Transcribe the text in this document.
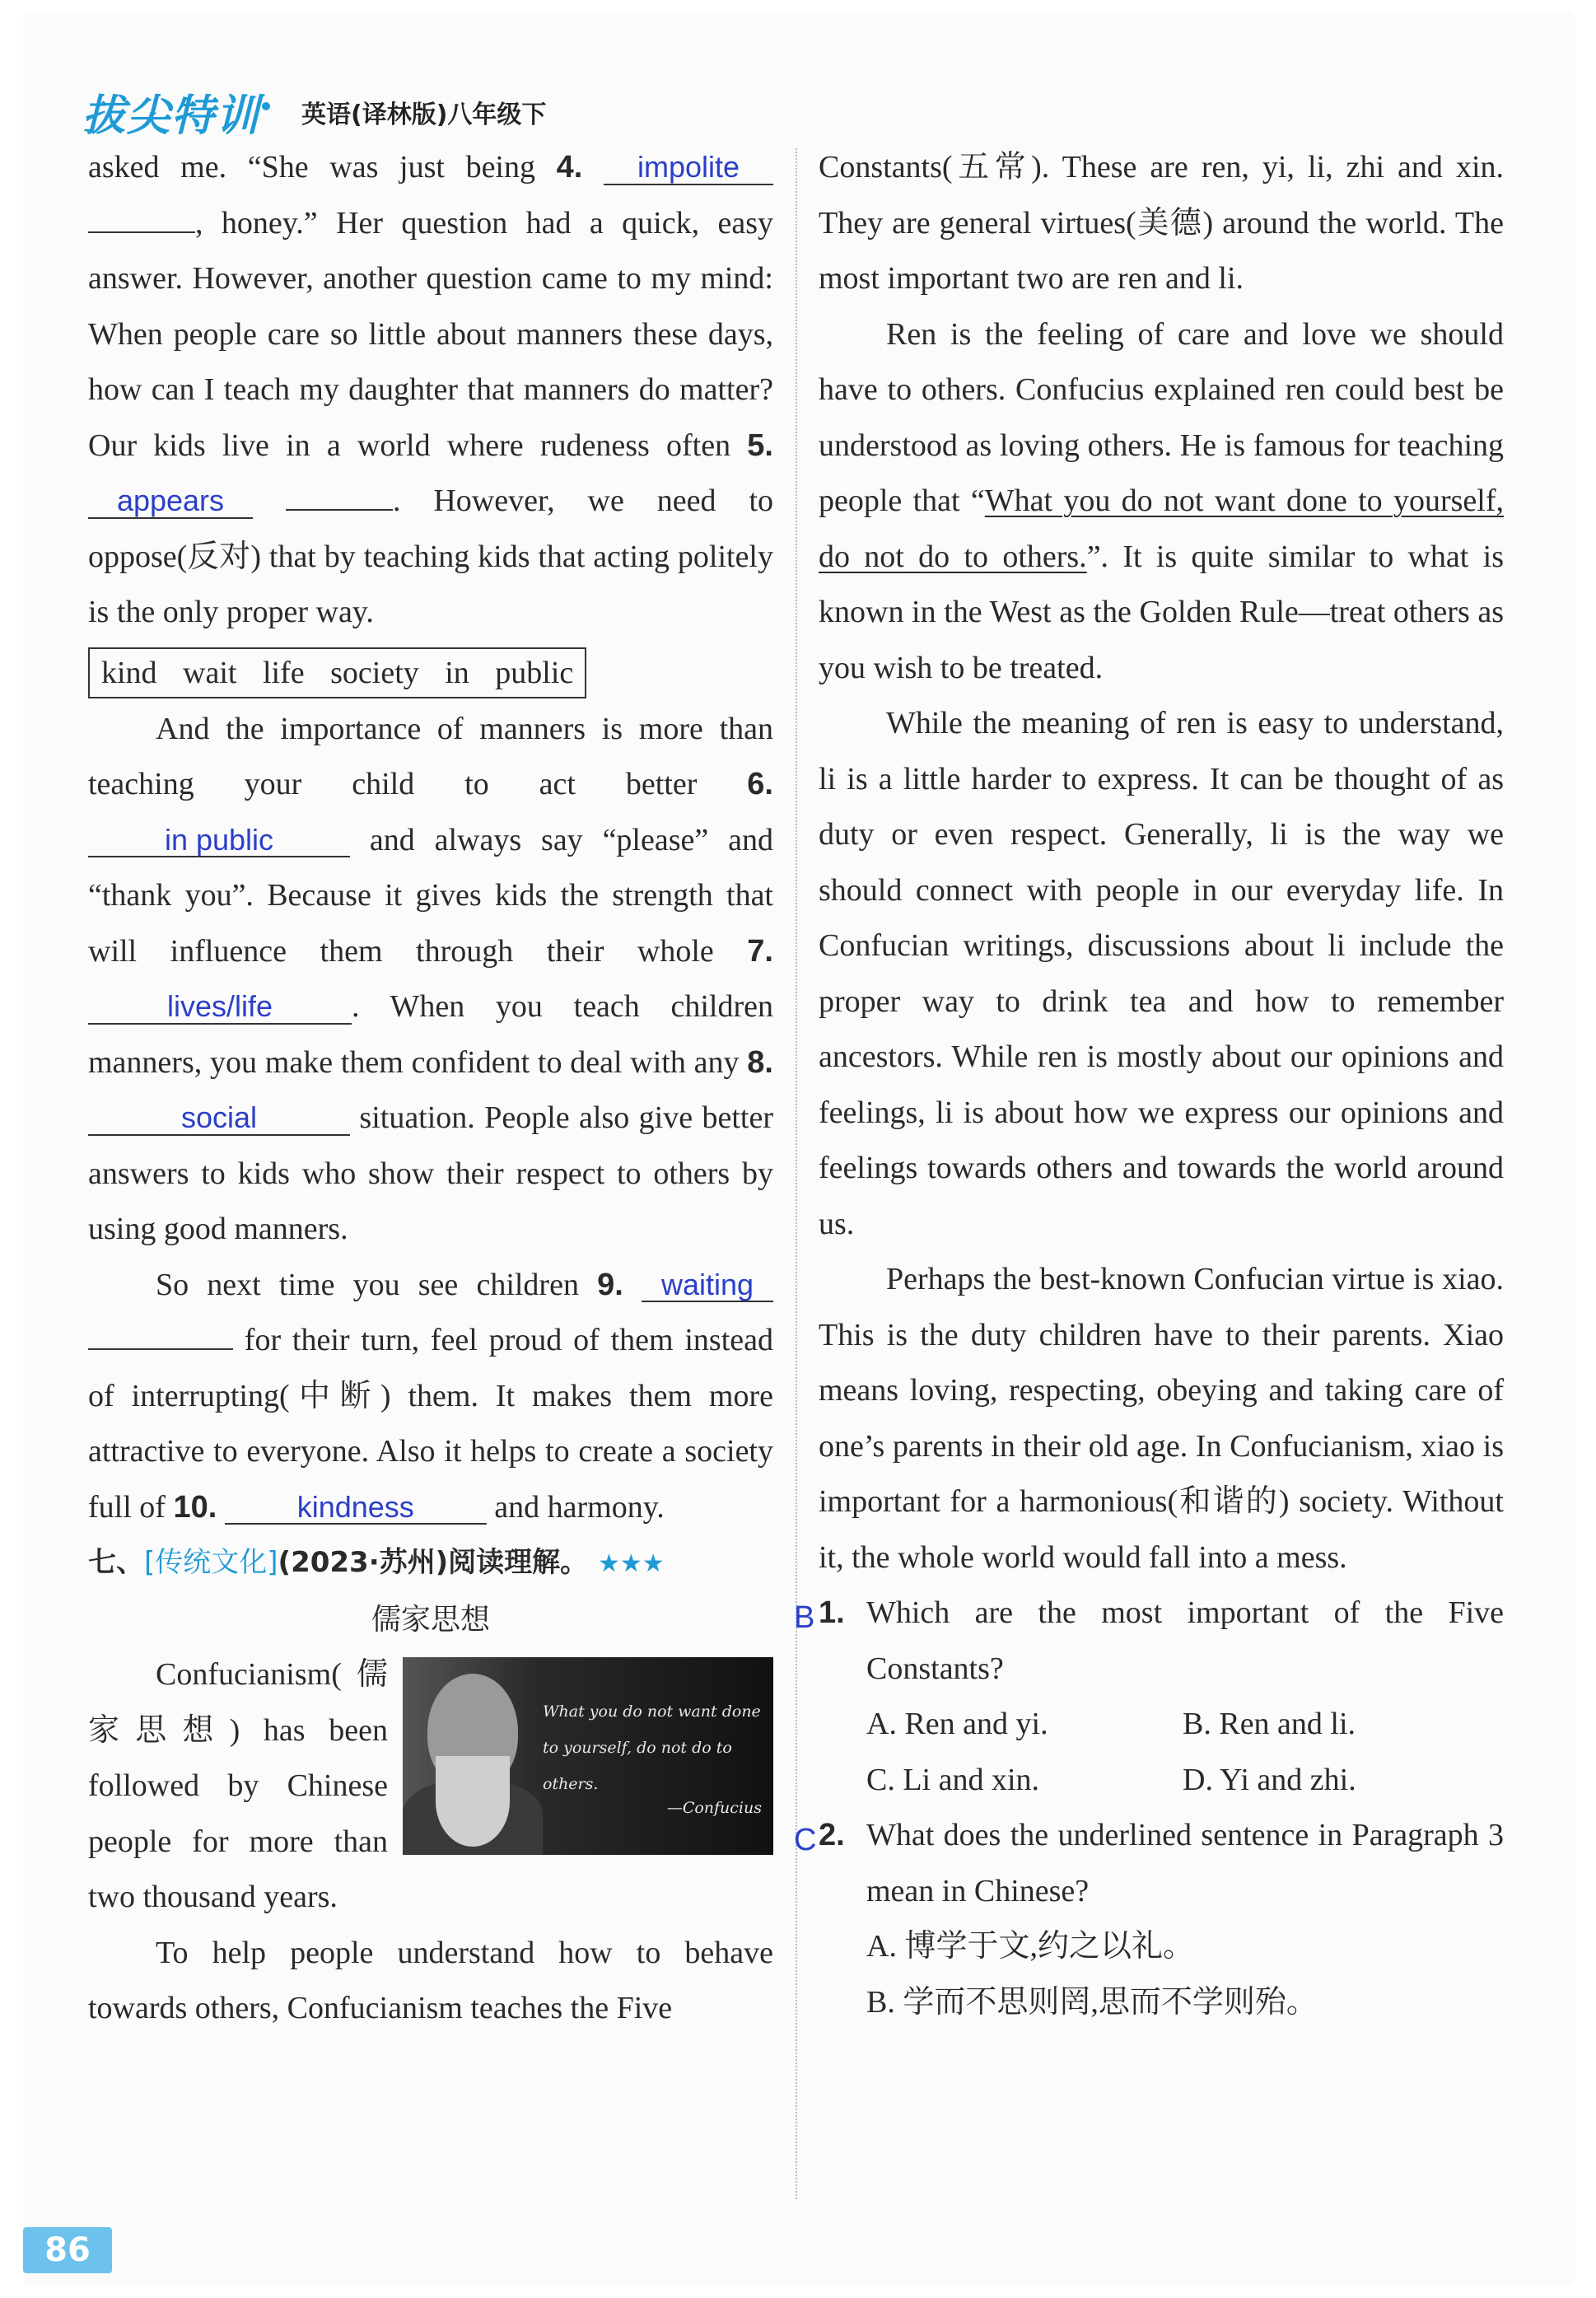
拔尖特训 英语(译林版)八年级下

asked me. “She was just being 4. impolite , honey.” Her question had a quick, easy answer. However, another question came to my mind: When people care so little about manners these days, how can I teach my daughter that manners do matter? Our kids live in a world where rudeness often 5. appears	. However, we need to oppose(反对) that by teaching kids that acting politely is the only proper way.

kind wait life society in public

And the importance of manners is more than teaching your child to act better 6. in public and always say “please” and “thank you”. Because it gives kids the strength that will influence them through their whole 7. lives/life	. When you teach children manners, you make them confident to deal with any 8. social	situation. People also give better answers to kids who show their respect to others by using good manners.

So next time you see children 9. waiting  for their turn, feel proud of them instead of interrupting(中断) them. It makes them more attractive to everyone. Also it helps to create a society full of 10.	kindness and harmony.

七、[传统文化](2023·苏州)阅读理解。 ★★★
儒家思想
What you do not want done to yourself, do not do to others.
—Confucius

Confucianism(儒家思想) has been followed by Chinese people for more than two thousand years.

To help people understand how to behave towards others, Confucianism teaches the Five

Constants(五常). These are ren, yi, li, zhi and xin. They are general virtues(美德) around the world. The most important two are ren and li.

Ren is the feeling of care and love we should have to others. Confucius explained ren could best be understood as loving others. He is famous for teaching people that “What you do not want done to yourself, do not do to others.”. It is quite similar to what is known in the West as the Golden Rule—treat others as you wish to be treated.

While the meaning of ren is easy to understand, li is a little harder to express. It can be thought of as duty or even respect. Generally, li is the way we should connect with people in our everyday life. In Confucian writings, discussions about li include the proper way to drink tea and how to remember ancestors. While ren is mostly about our opinions and feelings, li is about how we express our opinions and feelings towards others and towards the world around us.

Perhaps the best-known Confucian virtue is xiao. This is the duty children have to their parents. Xiao means loving, respecting, obeying and taking care of one’s parents in their old age. In Confucianism, xiao is important for a harmonious(和谐的) society. Without it, the whole world would fall into a mess.

B 1. Which are the most important of the Five Constants?
A. Ren and yi.	B. Ren and li.
C. Li and xin.	D. Yi and zhi.
C 2. What does the underlined sentence in Paragraph 3 mean in Chinese?
A. 博学于文,约之以礼。
B. 学而不思则罔,思而不学则殆。
86
